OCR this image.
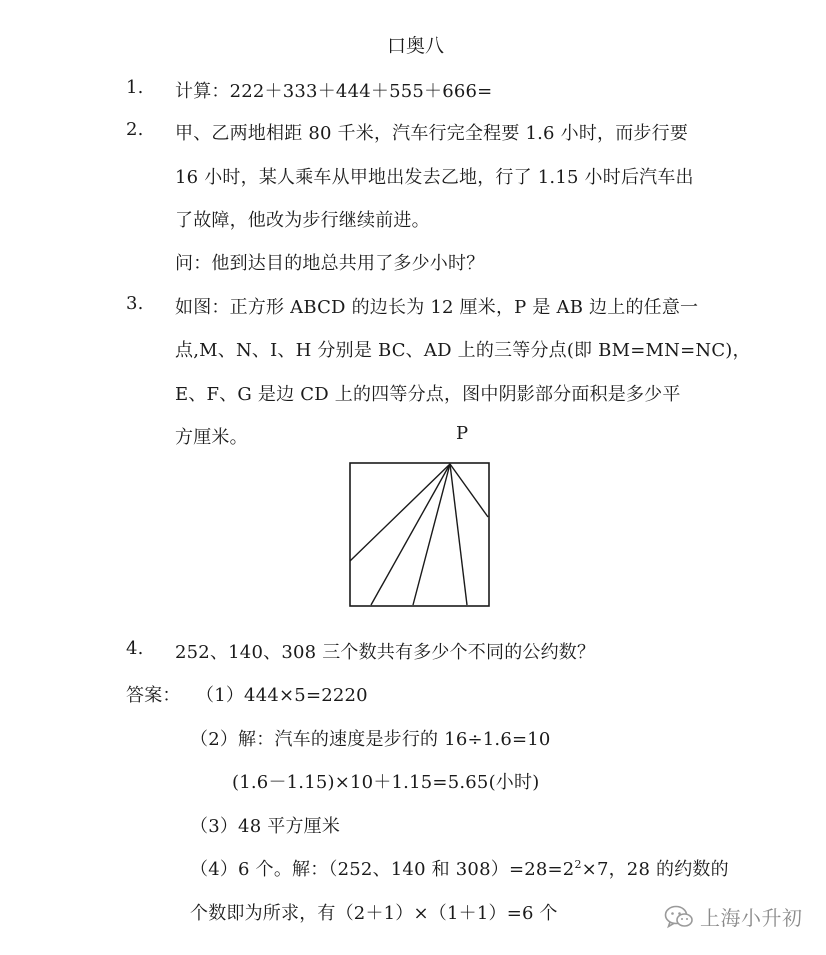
口奥八
1. 计算：222＋333＋444＋555＋666=
2. 甲、乙两地相距 80 千米，汽车行完全程要 1.6 小时，而步行要
16 小时，某人乘车从甲地出发去乙地，行了 1.15 小时后汽车出
了故障，他改为步行继续前进。
问：他到达目的地总共用了多少小时？
3. 如图：正方形 ABCD 的边长为 12 厘米，P 是 AB 边上的任意一
点,M、N、I、H 分别是 BC、AD 上的三等分点(即 BM=MN=NC)，
E、F、G 是边 CD 上的四等分点，图中阴影部分面积是多少平
方厘米。	P
4. 252、140、308 三个数共有多少个不同的公约数？
答案： （1）444×5=2220
（2）解：汽车的速度是步行的 16÷1.6=10
(1.6－1.15)×10＋1.15=5.65(小时)
（3）48 平方厘米
（4）6 个。解：（252、140 和 $308)=28=2^2\times 7$，28 的约数的
个数即为所求，有（2＋1）×（1＋1）=6 个	上海小升初
